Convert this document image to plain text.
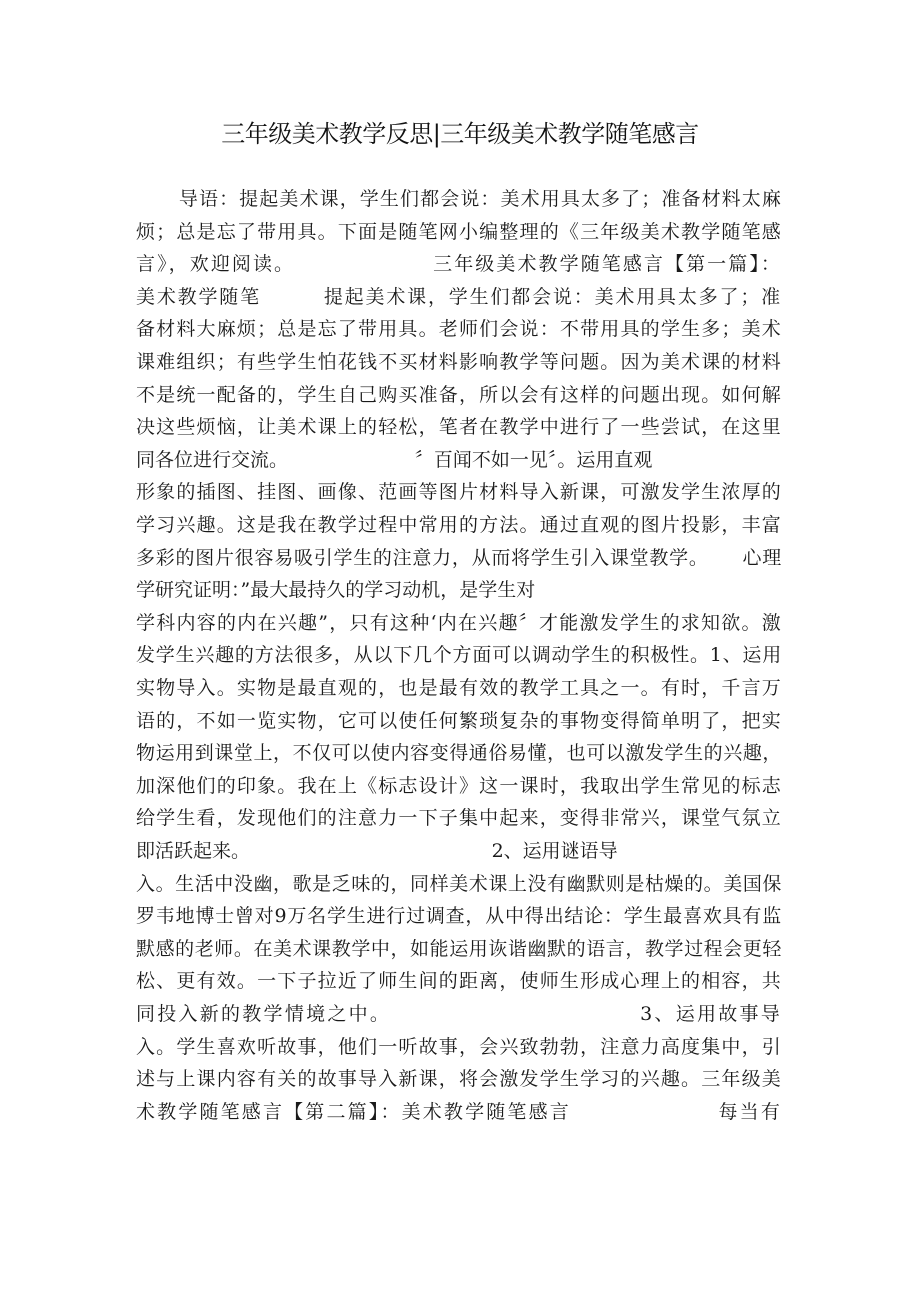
三年级美术教学反思|三年级美术教学随笔感言
导语：提起美术课，学生们都会说：美术用具太多了；准备材料太麻
烦；总是忘了带用具。下面是随笔网小编整理的《三年级美术教学随笔感
言》，欢迎阅读。                 三年级美术教学随笔感言【第一篇】：
美术教学随笔        提起美术课，学生们都会说：美术用具太多了；准
备材料大麻烦；总是忘了带用具。老师们会说：不带用具的学生多；美术
课难组织；有些学生怕花钱不买材料影响教学等问题。因为美术课的材料
不是统一配备的，学生自己购买准备，所以会有这样的问题出现。如何解
决这些烦恼，让美术课上的轻松，笔者在教学中进行了一些尝试，在这里
同各位进行交流。                     〞百闻不如一见〞。运用直观
形象的插图、挂图、画像、范画等图片材料导入新课，可激发学生浓厚的
学习兴趣。这是我在教学过程中常用的方法。通过直观的图片投影，丰富
多彩的图片很容易吸引学生的注意力，从而将学生引入课堂教学。     心理
学研究证明：”最大最持久的学习动机，是学生对
学科内容的内在兴趣”，只有这种‘内在兴趣〞才能激发学生的求知欲。激
发学生兴趣的方法很多，从以下几个方面可以调动学生的积极性。1、运用
实物导入。实物是最直观的，也是最有效的教学工具之一。有时，千言万
语的，不如一览实物，它可以使任何繁琐复杂的事物变得简单明了，把实
物运用到课堂上，不仅可以使内容变得通俗易懂，也可以激发学生的兴趣，
加深他们的印象。我在上《标志设计》这一课时，我取出学生常见的标志
给学生看，发现他们的注意力一下子集中起来，变得非常兴，课堂气氛立
即活跃起来。                                        2、运用谜语导
入。生活中没幽，歌是乏味的，同样美术课上没有幽默则是枯燥的。美国保
罗韦地博士曾对9万名学生进行过调查，从中得出结论：学生最喜欢具有监
默感的老师。在美术课教学中，如能运用诙谐幽默的语言，教学过程会更轻
松、更有效。一下子拉近了师生间的距离，使师生形成心理上的相容，共
同投入新的教学情境之中。                              3、运用故事导
入。学生喜欢听故事，他们一听故事，会兴致勃勃，注意力高度集中，引
述与上课内容有关的故事导入新课，将会激发学生学习的兴趣。三年级美
术教学随笔感言【第二篇】：美术教学随笔感言                  每当有
